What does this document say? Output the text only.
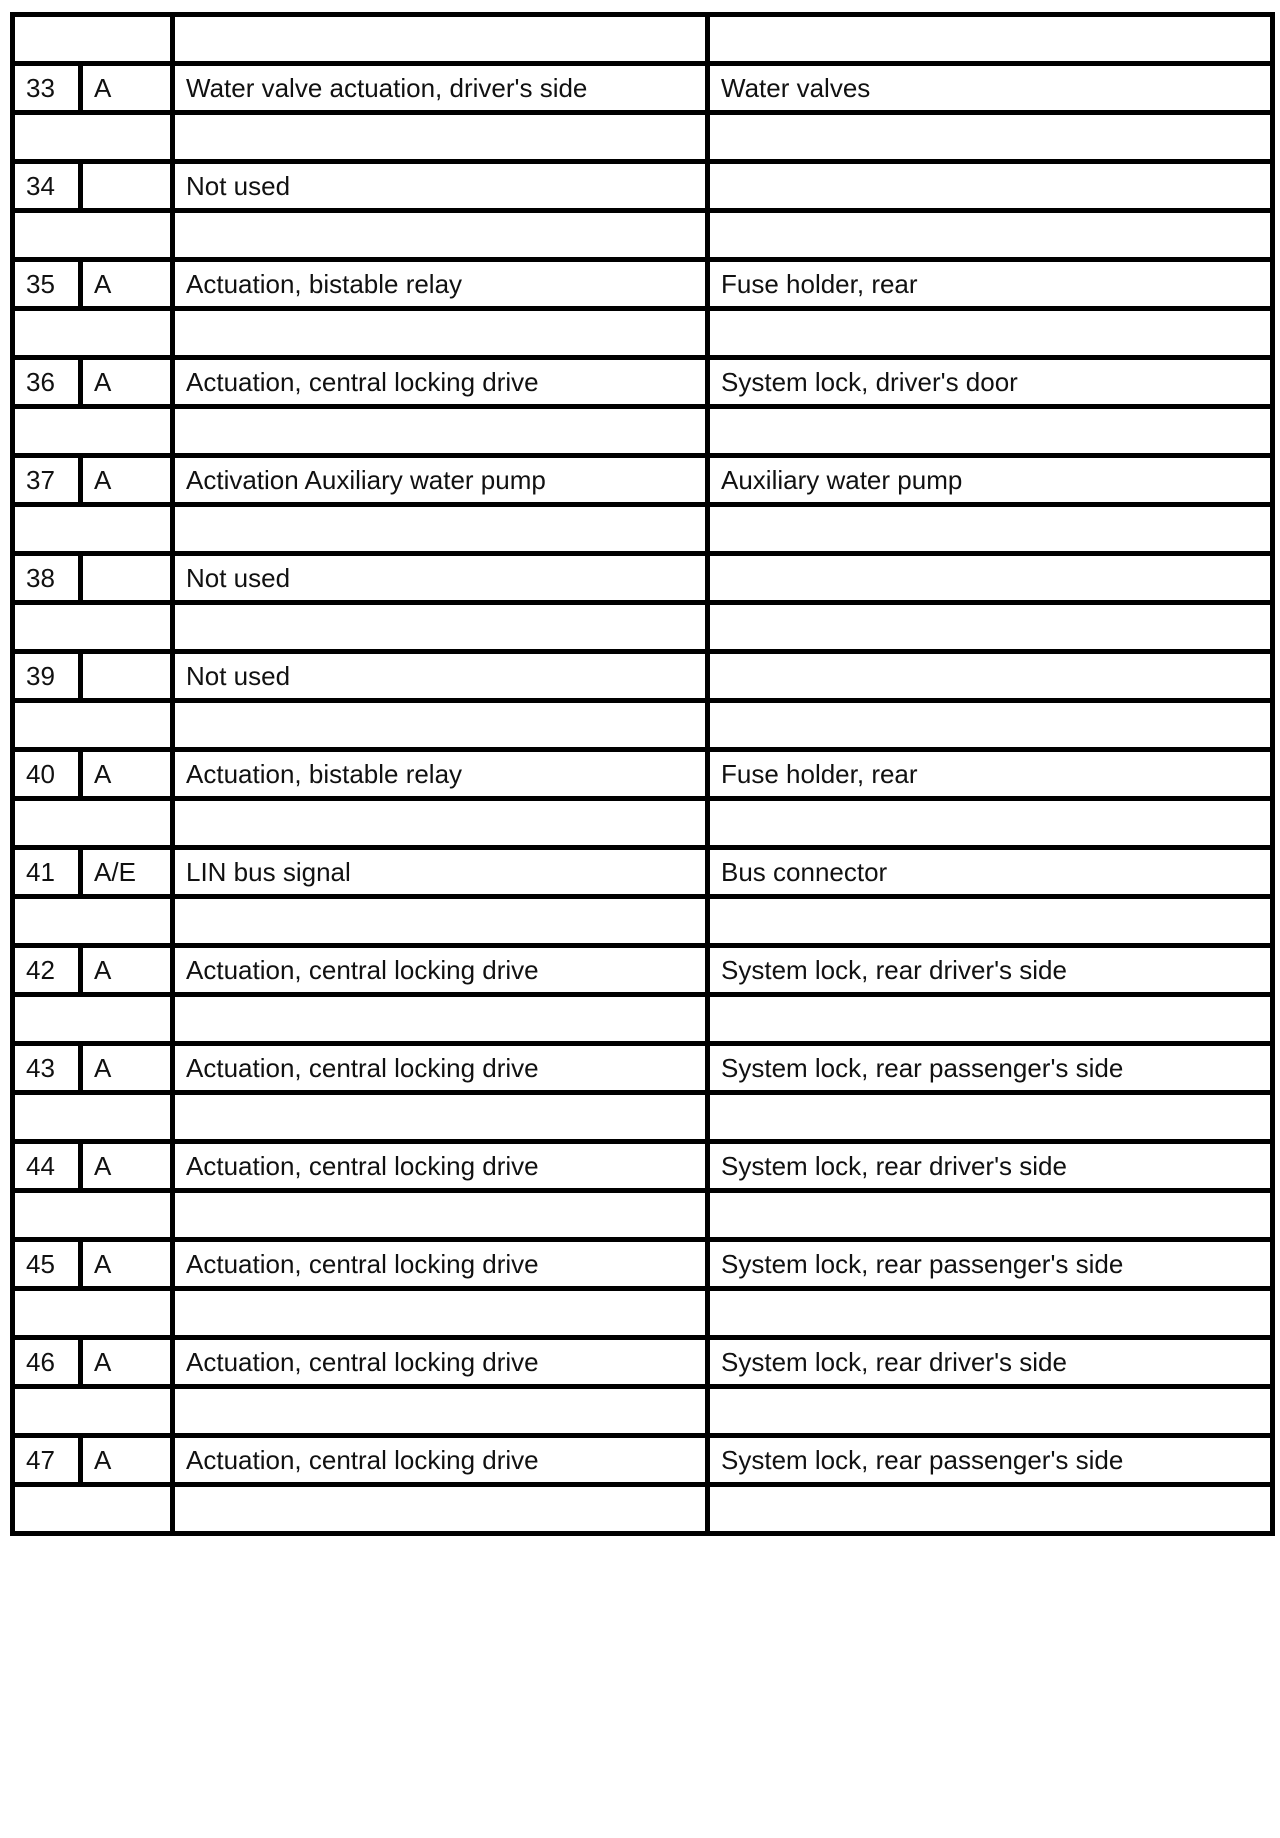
33	A	Water valve actuation, driver's side	Water valves

34		Not used	

35	A	Actuation, bistable relay	Fuse holder, rear

36	A	Actuation, central locking drive	System lock, driver's door

37	A	Activation Auxiliary water pump	Auxiliary water pump

38		Not used	

39		Not used	

40	A	Actuation, bistable relay	Fuse holder, rear

41	A/E	LIN bus signal	Bus connector

42	A	Actuation, central locking drive	System lock, rear driver's side

43	A	Actuation, central locking drive	System lock, rear passenger's side

44	A	Actuation, central locking drive	System lock, rear driver's side

45	A	Actuation, central locking drive	System lock, rear passenger's side

46	A	Actuation, central locking drive	System lock, rear driver's side

47	A	Actuation, central locking drive	System lock, rear passenger's side
